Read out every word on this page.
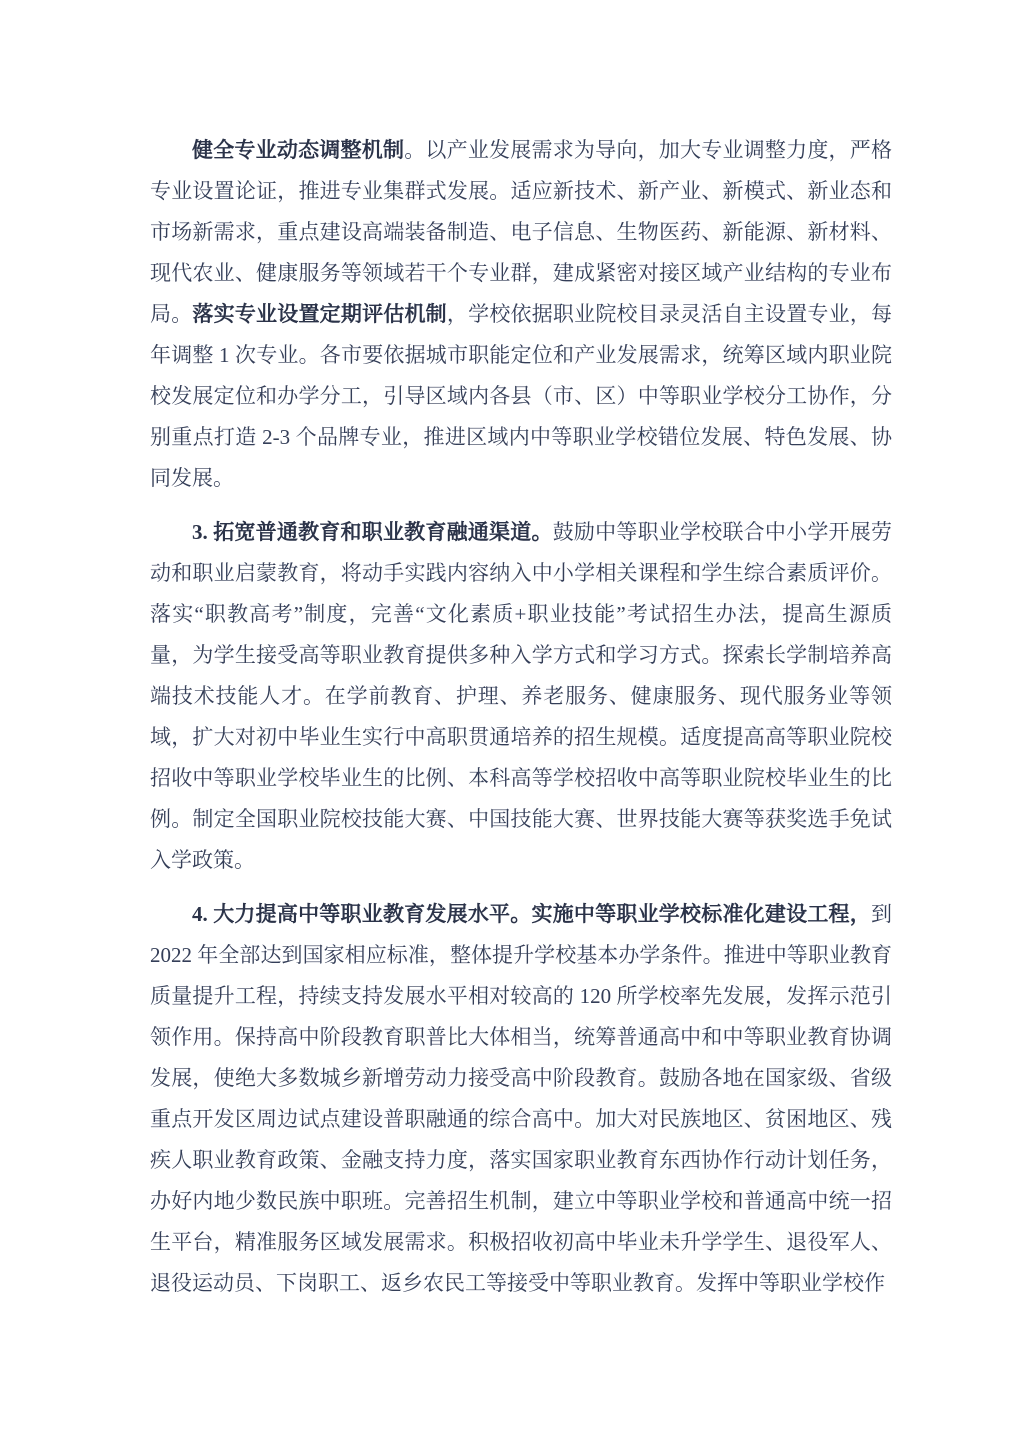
健全专业动态调整机制。以产业发展需求为导向，加大专业调整力度，严格专业设置论证，推进专业集群式发展。适应新技术、新产业、新模式、新业态和市场新需求，重点建设高端装备制造、电子信息、生物医药、新能源、新材料、现代农业、健康服务等领域若干个专业群，建成紧密对接区域产业结构的专业布局。落实专业设置定期评估机制，学校依据职业院校目录灵活自主设置专业，每年调整 1 次专业。各市要依据城市职能定位和产业发展需求，统筹区域内职业院校发展定位和办学分工，引导区域内各县（市、区）中等职业学校分工协作，分别重点打造 2-3 个品牌专业，推进区域内中等职业学校错位发展、特色发展、协同发展。

3. 拓宽普通教育和职业教育融通渠道。鼓励中等职业学校联合中小学开展劳动和职业启蒙教育，将动手实践内容纳入中小学相关课程和学生综合素质评价。落实“职教高考”制度，完善“文化素质+职业技能”考试招生办法，提高生源质量，为学生接受高等职业教育提供多种入学方式和学习方式。探索长学制培养高端技术技能人才。在学前教育、护理、养老服务、健康服务、现代服务业等领域，扩大对初中毕业生实行中高职贯通培养的招生规模。适度提高高等职业院校招收中等职业学校毕业生的比例、本科高等学校招收中高等职业院校毕业生的比例。制定全国职业院校技能大赛、中国技能大赛、世界技能大赛等获奖选手免试入学政策。

4. 大力提高中等职业教育发展水平。实施中等职业学校标准化建设工程，到 2022 年全部达到国家相应标准，整体提升学校基本办学条件。推进中等职业教育质量提升工程，持续支持发展水平相对较高的 120 所学校率先发展，发挥示范引领作用。保持高中阶段教育职普比大体相当，统筹普通高中和中等职业教育协调发展，使绝大多数城乡新增劳动力接受高中阶段教育。鼓励各地在国家级、省级重点开发区周边试点建设普职融通的综合高中。加大对民族地区、贫困地区、残疾人职业教育政策、金融支持力度，落实国家职业教育东西协作行动计划任务，办好内地少数民族中职班。完善招生机制，建立中等职业学校和普通高中统一招生平台，精准服务区域发展需求。积极招收初高中毕业未升学学生、退役军人、退役运动员、下岗职工、返乡农民工等接受中等职业教育。发挥中等职业学校作
